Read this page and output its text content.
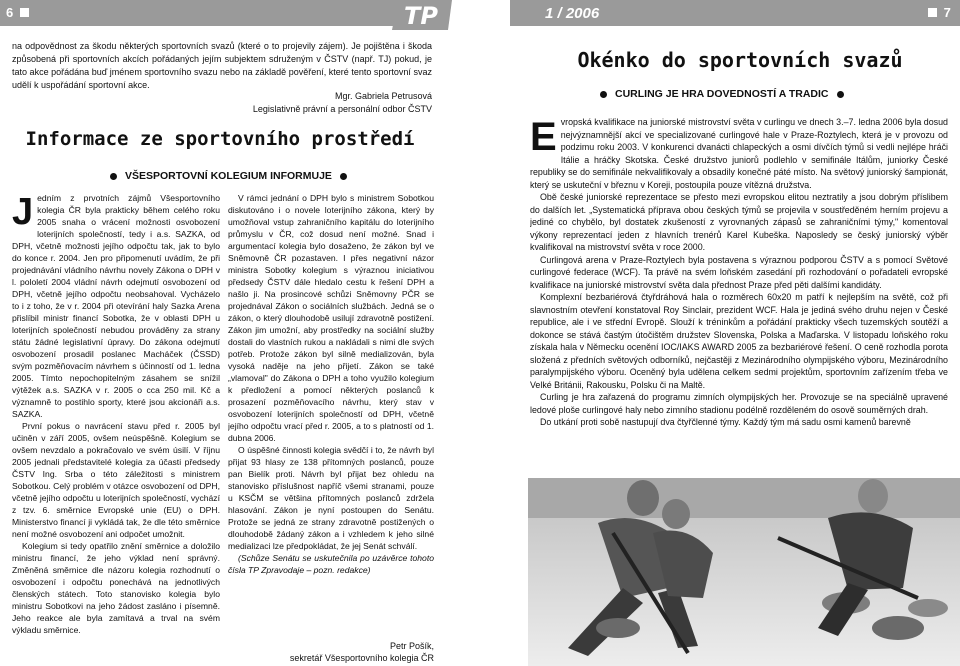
6	TP	1 / 2006	7
na odpovědnost za škodu některých sportovních svazů (které o to projevily zájem). Je pojištěna i škoda způsobená při sportovních akcích pořádaných jejím subjektem sdruženým v ČSTV (např. TJ) pokud, je tato akce pořádána buď jménem sportovního svazu nebo na základě pověření, které tento sportovní svaz udělí k uspořádání sportovní akce.
Mgr. Gabriela Petrusová
Legislativně právní a personální odbor ČSTV
Informace ze sportovního prostředí
VŠESPORTOVNÍ KOLEGIUM INFORMUJE
J edním z prvotních zájmů Všesportovního kolegia ČR byla prakticky během celého roku 2005 snaha o vrácení možnosti osvobození loterijních společností, tedy i a.s. SAZKA, od DPH, včetně možnosti jejího odpočtu tak, jak to bylo do konce r. 2004. Jen pro připomenutí uvádím, že při projednávání vládního návrhu novely Zákona o DPH v l. pololetí 2004 vládní návrh odejmutí osvobození od DPH, včetně jejího odpočtu neobsahoval. Vycházelo to i z toho, že v r. 2004 při otevírání haly Sazka Arena přislíbil ministr financí Sobotka, že v oblasti DPH u loterijních společností nebudou prováděny za strany státu žádné legislativní úpravy. Do zákona odejmutí osvobození prosadil poslanec Macháček (ČSSD) svým pozměňovacím návrhem s účinností od 1. ledna 2005. Tímto nepochopitelným zásahem se snížil výtěžek a.s. SAZKA v r. 2005 o cca 250 mil. Kč a významně to postihlo sporty, které jsou akcionáři a.s. SAZKA.

První pokus o navrácení stavu před r. 2005 byl učiněn v září 2005, ovšem neúspěšně. Kolegium se ovšem nevzdalo a pokračovalo ve svém úsilí. V říjnu 2005 jednali představitelé kolegia za účasti předsedy ČSTV Ing. Srba o této záležitosti s ministrem Sobotkou. Celý problém v otázce osvobození od DPH, včetně jejího odpočtu u loterijních společností, vychází z tzv. 6. směrnice Evropské unie (EU) o DPH. Ministerstvo financí ji vykládá tak, že dle této směrnice není možné osvobození ani odpočet umožnit.

Kolegium si tedy opatřilo znění směrnice a doložilo ministru financí, že jeho výklad není správný. Změněná směrnice dle názoru kolegia rozhodnutí o osvobození i odpočtu ponechává na jednotlivých členských státech. Toto stanovisko kolegia bylo ministru Sobotkovi na jeho žádost zasláno i písemně. Jeho reakce ale byla zamítavá a trval na svém výkladu směrnice.

V rámci jednání o DPH bylo s ministrem Sobotkou diskutováno i o novele loterijního zákona, který by umožňoval vstup zahraničního kapitálu do loterijního průmyslu v ČR, což dosud není možné. Snad i argumentací kolegia bylo dosaženo, že zákon byl ve Sněmovně ČR pozastaven. I přes negativní názor ministra Sobotky kolegium s výraznou iniciativou předsedy ČSTV dále hledalo cestu k řešení DPH a našlo ji. Na prosincové schůzi Sněmovny PČR se projednával Zákon o sociálních službách. Jedná se o zákon, o který dlouhodobě usilují zdravotně postižení. Zákon jim umožní, aby prostředky na sociální služby dostali do vlastních rukou a nakládali s nimi dle svých potřeb. Protože zákon byl silně medializován, byla vysoká naděje na jeho přijetí. Zákon se také „vlamoval" do Zákona o DPH a toho využilo kolegium k předložení a pomocí některých poslanců k prosazení pozměňovacího návrhu, který stav v osvobození loterijních společností od DPH, včetně jejího odpočtu vrací před r. 2005, a to s platností od 1. dubna 2006.

O úspěšné činnosti kolegia svědčí i to, že návrh byl přijat 93 hlasy ze 138 přítomných poslanců, pouze pan Bielík proti. Návrh byl přijat bez ohledu na stanovisko příslušnost napříč všemi stranami, pouze u KSČM se většina přítomných poslanců zdržela hlasování. Zákon je nyní postoupen do Senátu. Protože se jedná ze strany zdravotně postižených o dlouhodobě žádaný zákon a i vzhledem k jeho silné medializaci lze předpokládat, že jej Senát schválí.

(Schůze Senátu se uskutečnila po uzávěrce tohoto čísla TP Zpravodaje – pozn. redakce)

Petr Pošík,
sekretář Všesportovního kolegia ČR
Okénko do sportovních svazů
CURLING JE HRA DOVEDNOSTÍ A TRADIC
E vropská kvalifikace na juniorské mistrovství světa v curlingu ve dnech 3.–7. ledna 2006 byla dosud nejvýznamnější akcí ve specializované curlingové hale v Praze-Roztylech, která je v provozu od podzimu roku 2003. V konkurenci dvanácti chlapeckých a osmi dívčích týmů si vedli nejlépe hráči Itálie a hráčky Skotska. České družstvo juniorů podlehlo v semifinále Itálům, juniorky České republiky se do semifinále nekvalifikovaly a obsadily konečné páté místo. Na světový juniorský šampionát, který se uskuteční v březnu v Koreji, postoupila pouze vítězná družstva.

Obě české juniorské reprezentace se přesto mezi evropskou elitou neztratily a jsou dobrým příslibem do dalších let. „Systematická příprava obou českých týmů se projevila v soustředěném herním projevu a jediné co chybělo, byl dostatek zkušeností z vyrovnaných zápasů se zahraničními týmy," komentoval výkony reprezentací jeden z hlavních trenérů Karel Kubeška. Naposledy se český juniorský výběr kvalifikoval na mistrovství světa v roce 2000.

Curlingová arena v Praze-Roztylech byla postavena s výraznou podporou ČSTV a s pomocí Světové curlingové federace (WCF). Ta právě na svém loňském zasedání při rozhodování o pořadateli evropské kvalifikace na juniorské mistrovství světa dala přednost Praze před pěti dalšími kandidáty.

Komplexní bezbariérová čtyřdráhová hala o rozměrech 60x20 m patří k nejlepším na světě, což při slavnostním otevření konstatoval Roy Sinclair, prezident WCF. Hala je jediná svého druhu nejen v České republice, ale i ve střední Evropě. Slouží k tréninkům a pořádání prakticky všech tuzemských soutěží a dokonce se stává častým útočištěm družstev Slovenska, Polska a Maďarska. V listopadu loňského roku získala hala v Německu ocenění IOC/IAKS AWARD 2005 za bezbariérové řešení. O ceně rozhodla porota složená z předních světových odborníků, nejčastěji z Mezinárodního olympijského výboru, Mezinárodního paralympijského výboru. Oceněný byla udělena celkem sedmi projektům, sportovním zařízením třeba ve Velké Británii, Rakousku, Polsku či na Maltě.

Curling je hra zařazená do programu zimních olympijských her. Provozuje se na speciálně upravené ledové ploše curlingové haly nebo zimního stadionu podélně rozděleném do osově souměrných drah.

Do utkání proti sobě nastupují dva čtyřčlenné týmy. Každý tým má sadu osmi kamenů barevně
